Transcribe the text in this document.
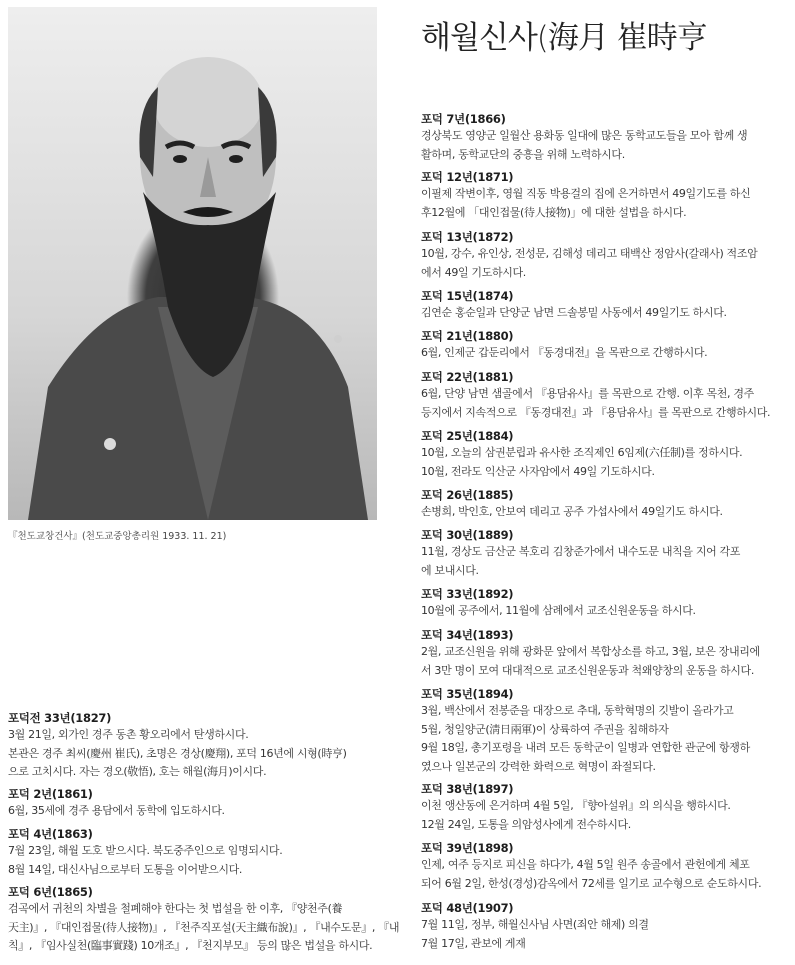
『천도교창건사』(천도교중앙총리원 1933. 11. 21)
해월신사(海月 崔時亨
포덕전 33년(1827)
3월 21일, 외가인 경주 동촌 황오리에서 탄생하시다.
본관은 경주 최씨(慶州 崔氏), 초명은 경상(慶翔), 포덕 16년에 시형(時亨)
으로 고치시다. 자는 경오(敬悟), 호는 해월(海月)이시다.
포덕 2년(1861)
6월, 35세에 경주 용담에서 동학에 입도하시다.
포덕 4년(1863)
7월 23일, 해월 도호 받으시다. 북도중주인으로 임명되시다.
8월 14일, 대신사님으로부터 도통을 이어받으시다.
포덕 6년(1865)
검곡에서 귀천의 차별을 철폐해야 한다는 첫 법설을 한 이후, 『양천주(養
天主)』, 『대인접물(待人接物)』, 『천주직포설(天主織布說)』, 『내수도문』, 『내
칙』, 『임사실천(臨事實踐) 10개조』, 『천지부모』 등의 많은 법설을 하시다.
포덕 7년(1866)
경상북도 영양군 일월산 용화동 일대에 많은 동학교도들을 모아 함께 생
활하며, 동학교단의 중흥을 위해 노력하시다.
포덕 12년(1871)
이필제 작변이후, 영월 직동 박용걸의 집에 은거하면서 49일기도를 하신
후12월에 「대인접물(待人接物)」에 대한 설법을 하시다.
포덕 13년(1872)
10월, 강수, 유인상, 전성문, 김해성 데리고 태백산 정암사(갈래사) 적조암
에서 49일 기도하시다.
포덕 15년(1874)
김연순 홍순일과 단양군 남면 드솔봉밑 사동에서 49일기도 하시다.
포덕 21년(1880)
6월, 인제군 갑둔리에서 『동경대전』을 목판으로 간행하시다.
포덕 22년(1881)
6월, 단양 남면 샘골에서 『용담유사』를 목판으로 간행. 이후 목천, 경주
등지에서 지속적으로 『동경대전』과 『용담유사』를 목판으로 간행하시다.
포덕 25년(1884)
10월, 오늘의 삼권분립과 유사한 조직제인 6임제(六任制)를 정하시다.
10월, 전라도 익산군 사자암에서 49일 기도하시다.
포덕 26년(1885)
손병희, 박인호, 안보여 데리고 공주 가섭사에서 49일기도 하시다.
포덕 30년(1889)
11월, 경상도 금산군 복호리 김창준가에서 내수도문 내칙을 지어 각포
에 보내시다.
포덕 33년(1892)
10월에 공주에서, 11월에 삼례에서 교조신원운동을 하시다.
포덕 34년(1893)
2월, 교조신원을 위해 광화문 앞에서 복합상소를 하고, 3월, 보은 장내리에
서 3만 명이 모여 대대적으로 교조신원운동과 척왜양창의 운동을 하시다.
포덕 35년(1894)
3월, 백산에서 전봉준을 대장으로 추대, 동학혁명의 깃발이 올라가고
5월, 청일양군(淸日兩軍)이 상륙하여 주권을 침해하자
9월 18일, 총기포령을 내려 모든 동학군이 일병과 연합한 관군에 항쟁하
였으나 일본군의 강력한 화력으로 혁명이 좌절되다.
포덕 38년(1897)
이천 앵산동에 은거하며 4월 5일, 『향아설위』의 의식을 행하시다.
12월 24일, 도통을 의암성사에게 전수하시다.
포덕 39년(1898)
인제, 여주 등지로 피신을 하다가, 4월 5일 원주 송골에서 관헌에게 체포
되어 6월 2일, 한성(경성)감옥에서 72세를 일기로 교수형으로 순도하시다.
포덕 48년(1907)
7월 11일, 정부, 해월신사님 사면(죄안 해제) 의결
7월 17일, 관보에 게재
